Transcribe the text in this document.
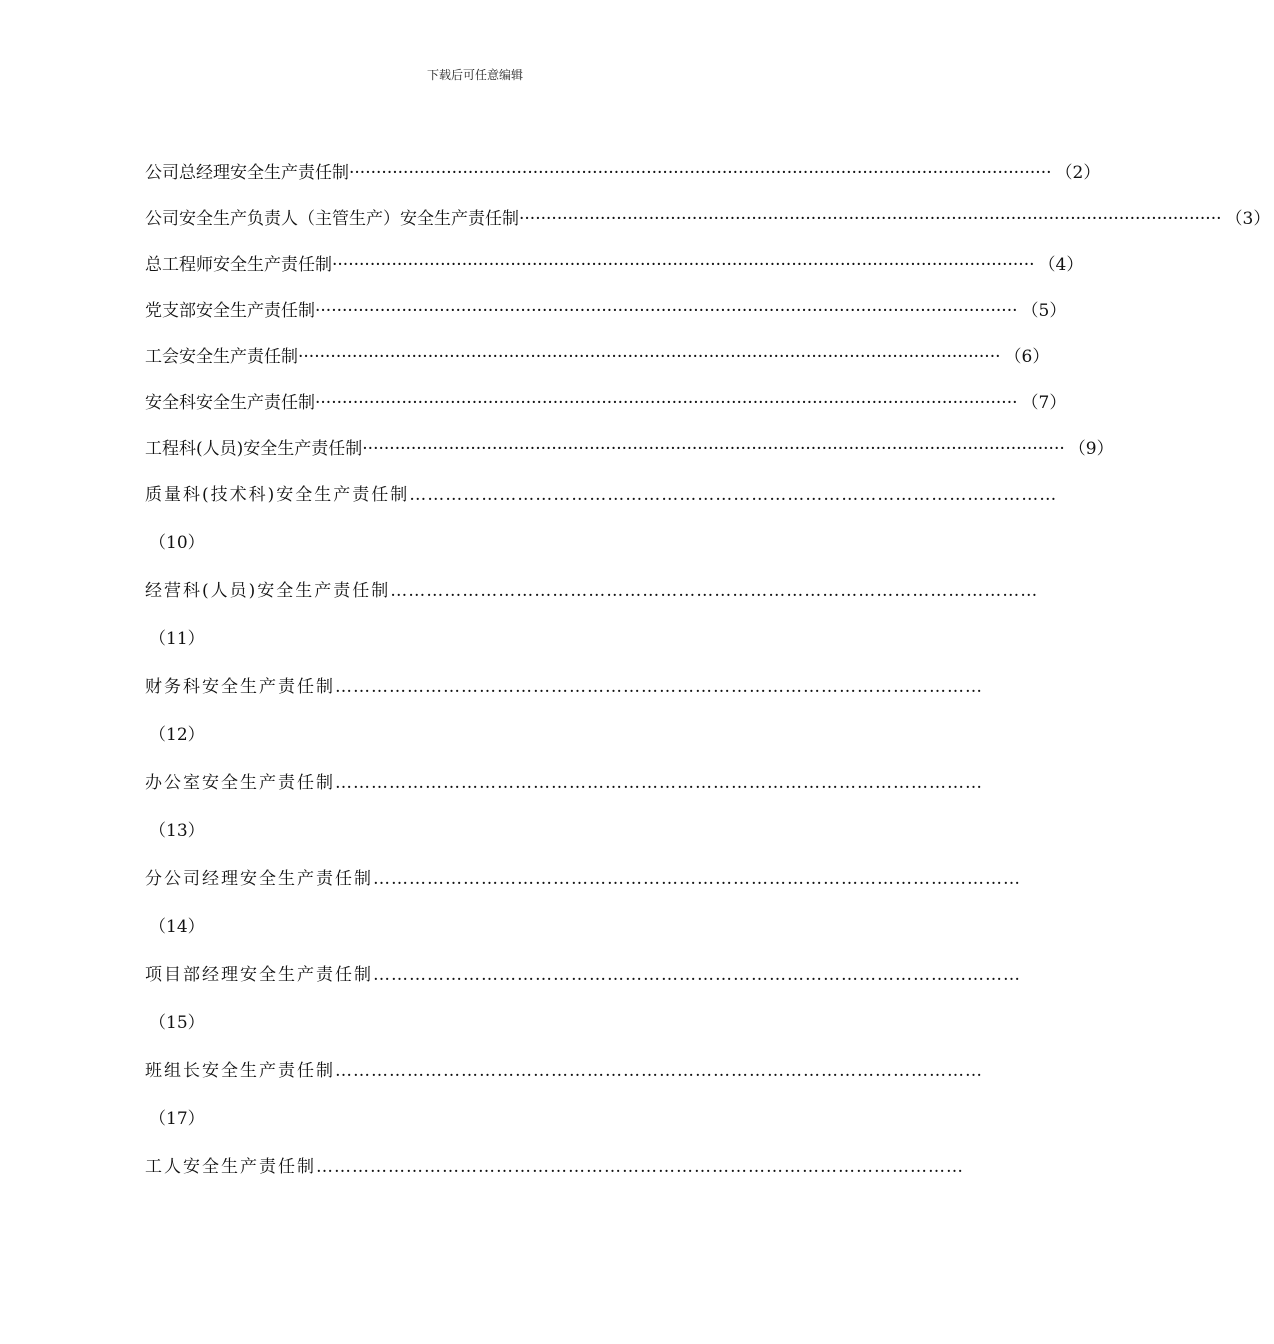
下载后可任意编辑
公司总经理安全生产责任制 ·································································································································· （2）
公司安全生产负责人（主管生产）安全生产责任制 ·································································································································· （3）
总工程师安全生产责任制 ·································································································································· （4）
党支部安全生产责任制 ·································································································································· （5）
工会安全生产责任制 ·································································································································· （6）
安全科安全生产责任制 ·································································································································· （7）
工程科(人员)安全生产责任制 ·································································································································· （9）
质量科(技术科)安全生产责任制 ………………………………………………………………………………………………
（10）
经营科(人员)安全生产责任制 ………………………………………………………………………………………………
（11）
财务科安全生产责任制 ………………………………………………………………………………………………
（12）
办公室安全生产责任制 ………………………………………………………………………………………………
（13）
分公司经理安全生产责任制 ………………………………………………………………………………………………
（14）
项目部经理安全生产责任制 ………………………………………………………………………………………………
（15）
班组长安全生产责任制 ………………………………………………………………………………………………
（17）
工人安全生产责任制 ………………………………………………………………………………………………
